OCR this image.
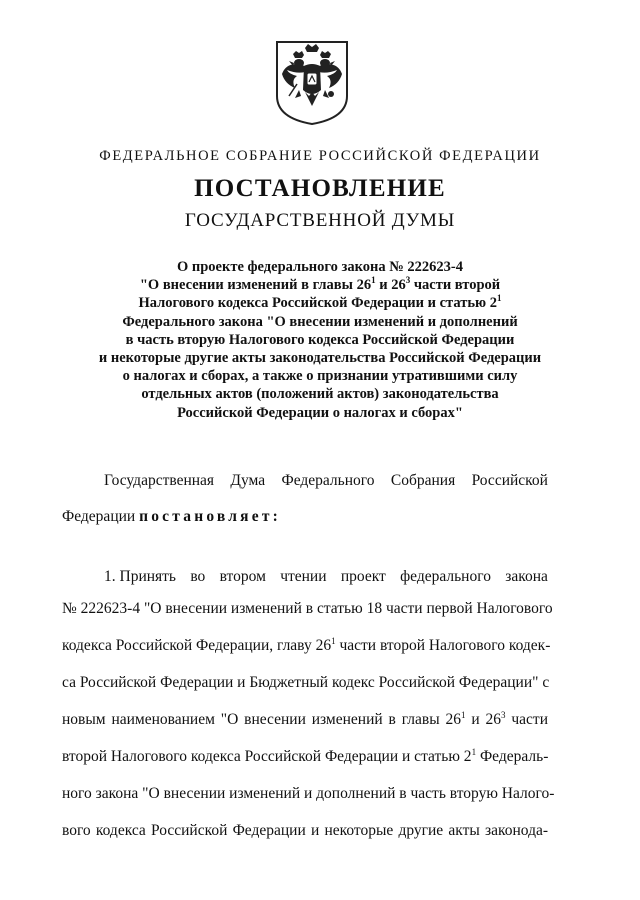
ФЕДЕРАЛЬНОЕ СОБРАНИЕ РОССИЙСКОЙ ФЕДЕРАЦИИ
ПОСТАНОВЛЕНИЕ
ГОСУДАРСТВЕННОЙ ДУМЫ
О проекте федерального закона № 222623-4
"О внесении изменений в главы $26^1$ и $26^3$ части второй
Налогового кодекса Российской Федерации и статью $2^1$
Федерального закона "О внесении изменений и дополнений
в часть вторую Налогового кодекса Российской Федерации
и некоторые другие акты законодательства Российской Федерации
о налогах и сборах, а также о признании утратившими силу
отдельных актов (положений актов) законодательства
Российской Федерации о налогах и сборах"
Государственная Дума Федерального Собрания Российской
Федерации постановляет:
1. Принять во втором чтении проект федерального закона
№ 222623-4 "О внесении изменений в статью 18 части первой Налогового
кодекса Российской Федерации, главу $26^1$ части второй Налогового кодек-
са Российской Федерации и Бюджетный кодекс Российской Федерации" с
новым наименованием "О внесении изменений в главы $26^1$ и $26^3$ части
второй Налогового кодекса Российской Федерации и статью $2^1$ Федераль-
ного закона "О внесении изменений и дополнений в часть вторую Налого-
вого кодекса Российской Федерации и некоторые другие акты законода-
